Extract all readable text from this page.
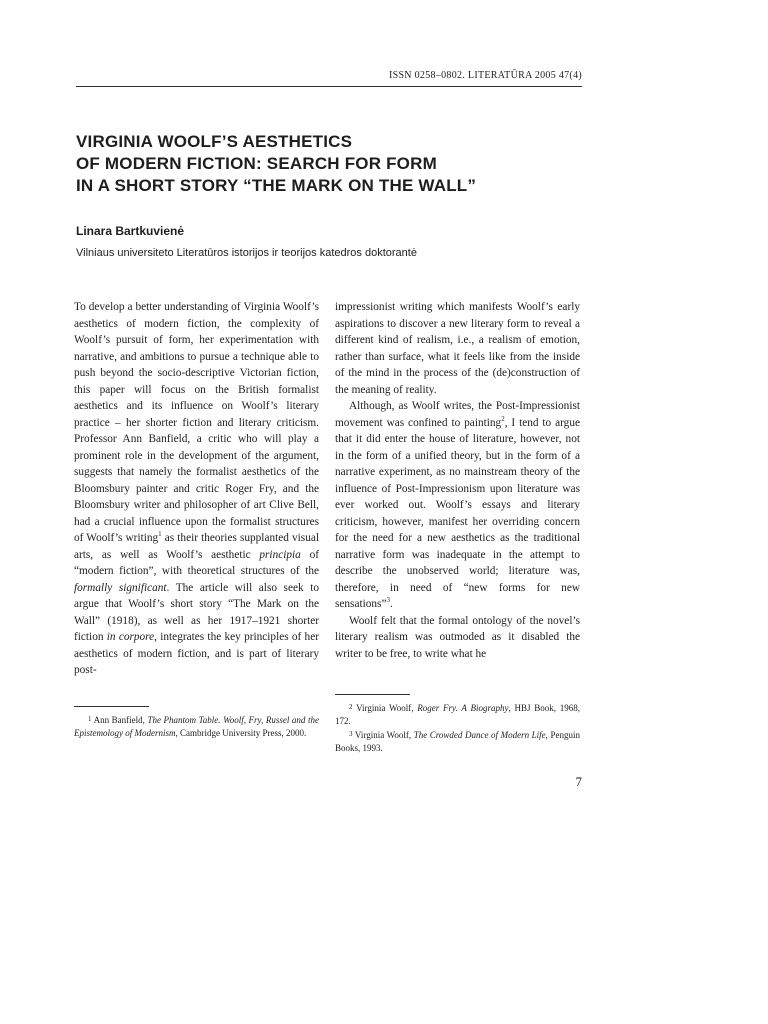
ISSN 0258–0802. LITERATŪRA 2005 47(4)
VIRGINIA WOOLF’S AESTHETICS
OF MODERN FICTION: SEARCH FOR FORM
IN A SHORT STORY “THE MARK ON THE WALL”
Linara Bartkuvienė
Vilniaus universiteto Literatūros istorijos ir teorijos katedros doktorantė

To develop a better understanding of Virginia Woolf’s aesthetics of modern fiction, the complexity of Woolf’s pursuit of form, her experimentation with narrative, and ambitions to pursue a technique able to push beyond the socio-descriptive Victorian fiction, this paper will focus on the British formalist aesthetics and its influence on Woolf’s literary practice – her shorter fiction and literary criticism. Professor Ann Banfield, a critic who will play a prominent role in the development of the argument, suggests that namely the formalist aesthetics of the Bloomsbury painter and critic Roger Fry, and the Bloomsbury writer and philosopher of art Clive Bell, had a crucial influence upon the formalist structures of Woolf’s writing$^1$ as their theories supplanted visual arts, as well as Woolf’s aesthetic principia of “modern fiction”, with theoretical structures of the formally significant. The article will also seek to argue that Woolf’s short story “The Mark on the Wall” (1918), as well as her 1917–1921 shorter fiction in corpore, integrates the key principles of her aesthetics of modern fiction, and is part of literary post-

impressionist writing which manifests Woolf’s early aspirations to discover a new literary form to reveal a different kind of realism, i.e., a realism of emotion, rather than surface, what it feels like from the inside of the mind in the process of the (de)construction of the meaning of reality.

Although, as Woolf writes, the Post-Impressionist movement was confined to painting$^2$, I tend to argue that it did enter the house of literature, however, not in the form of a unified theory, but in the form of a narrative experiment, as no mainstream theory of the influence of Post-Impressionism upon literature was ever worked out. Woolf’s essays and literary criticism, however, manifest her overriding concern for the need for a new aesthetics as the traditional narrative form was inadequate in the attempt to describe the unobserved world; literature was, therefore, in need of “new forms for new sensations”$^3$.

Woolf felt that the formal ontology of the novel’s literary realism was outmoded as it disabled the writer to be free, to write what he

$^1$ Ann Banfield, The Phantom Table. Woolf, Fry, Russel and the Epistemology of Modernism, Cambridge University Press, 2000.
$^2$ Virginia Woolf, Roger Fry. A Biography, HBJ Book, 1968, 172.
$^3$ Virginia Woolf, The Crowded Dance of Modern Life, Penguin Books, 1993.
7
